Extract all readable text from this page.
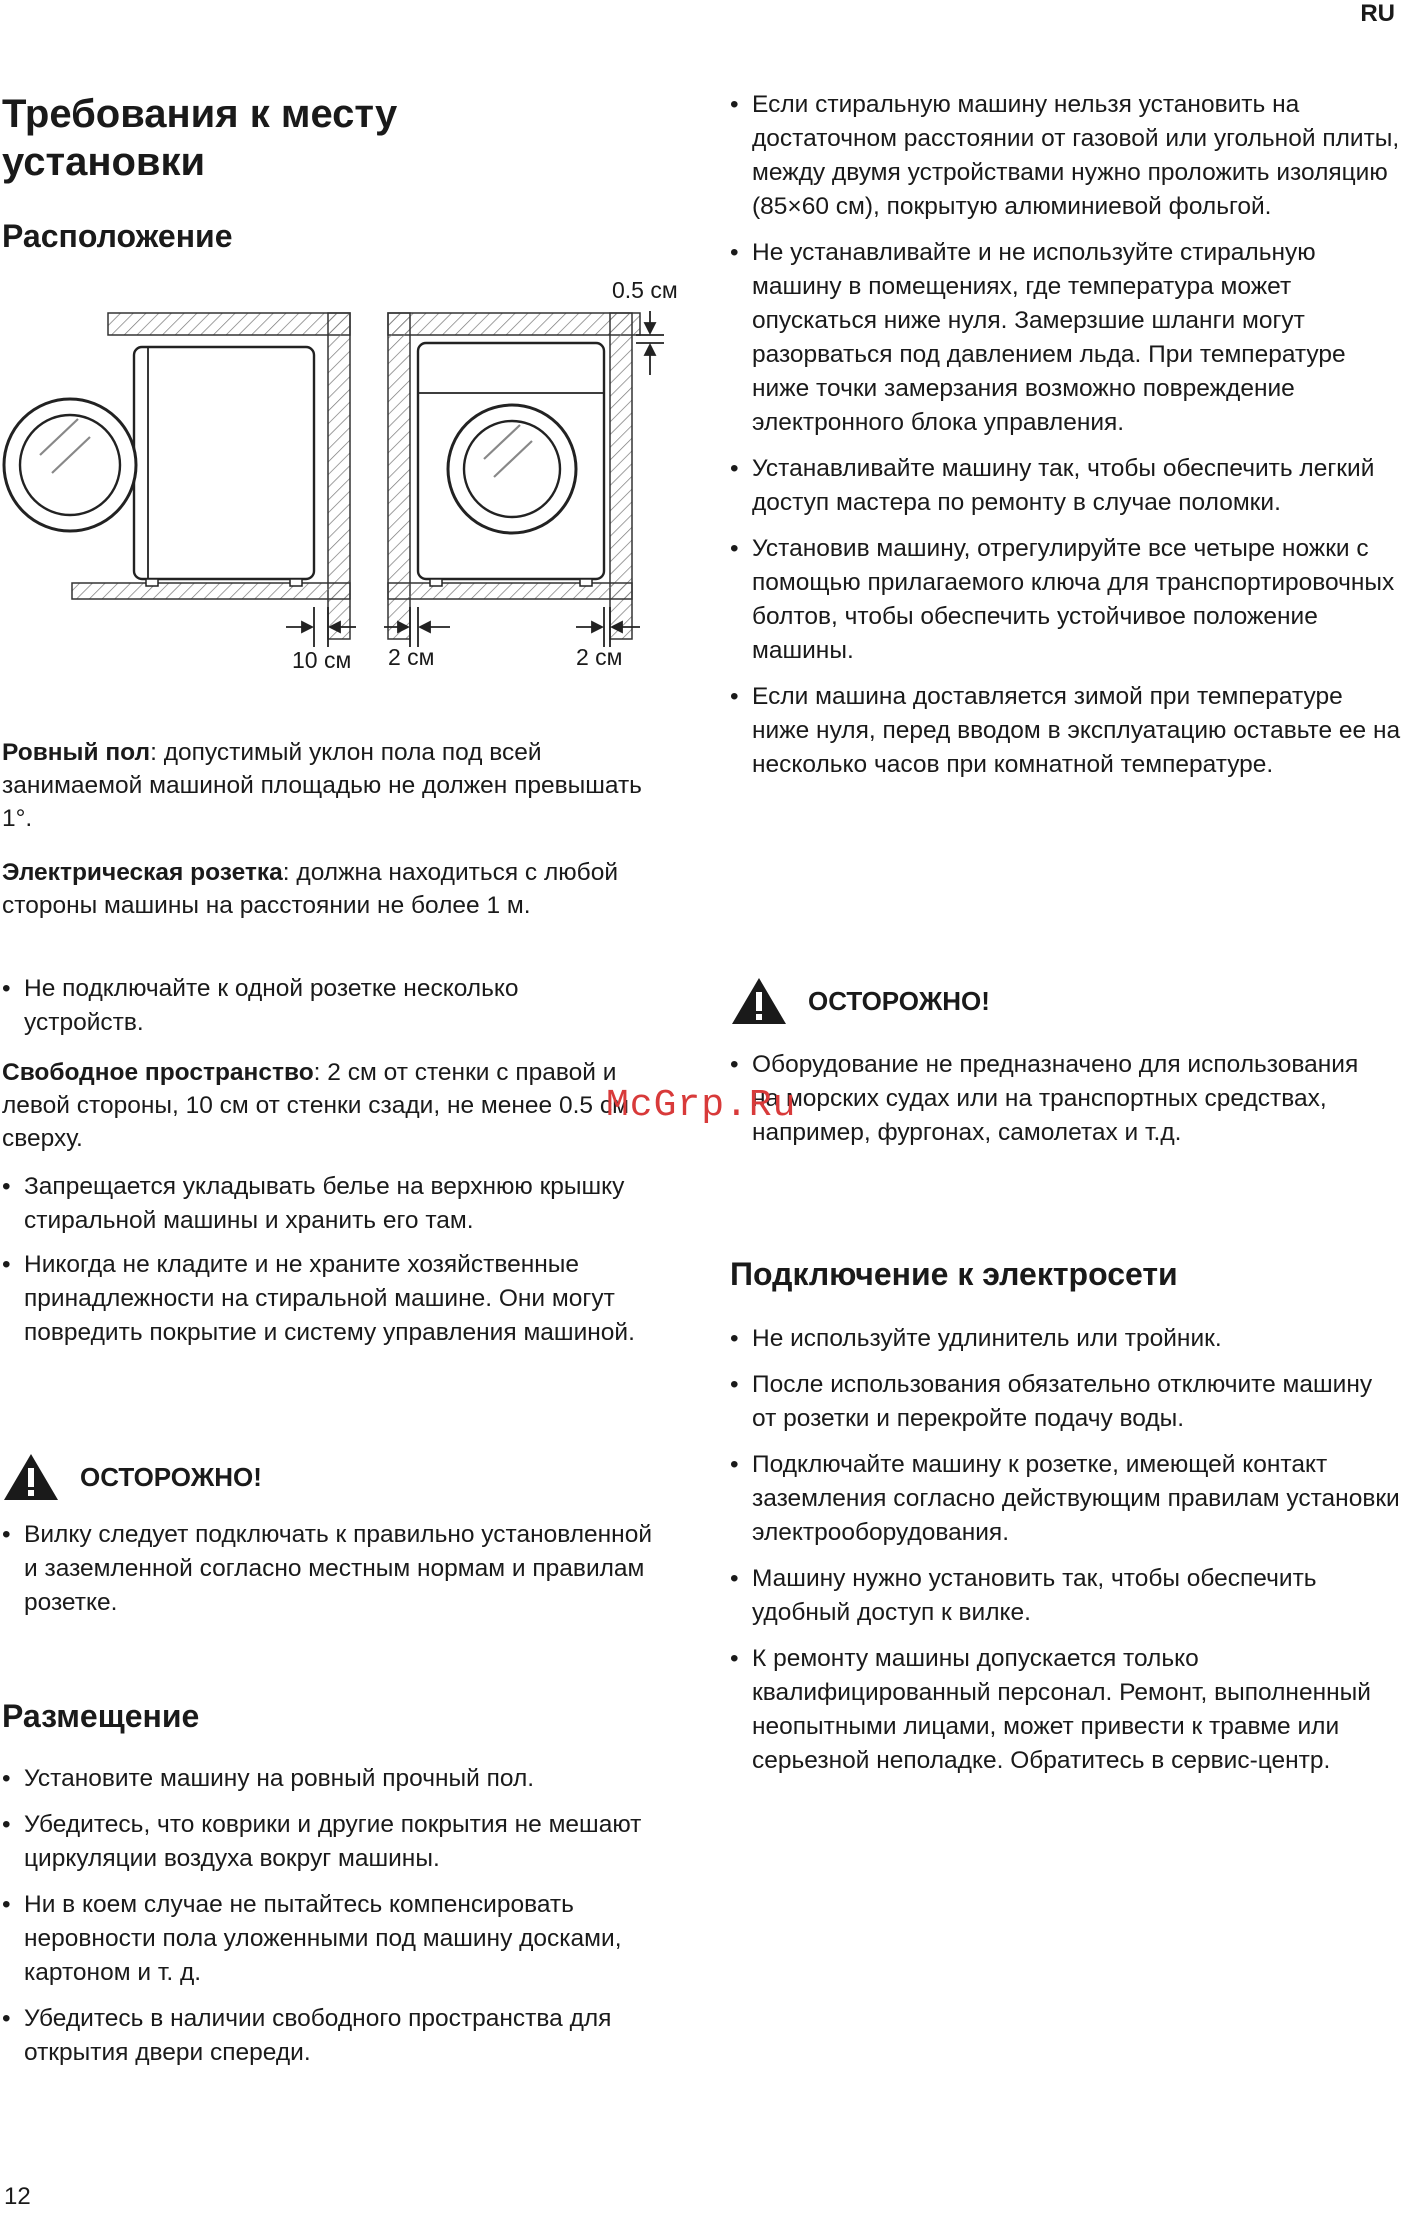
RU
12
Требования к месту установки
Расположение
0.5 см
10 см 2 см	2 см

Ровный пол: допустимый уклон пола под всей занимаемой машиной площадью не должен превышать 1°.

Электрическая розетка: должна находиться с любой стороны машины на расстоянии не более 1 м.

• Не подключайте к одной розетке несколько устройств.

Свободное пространство: 2 см от стенки с правой и левой стороны, 10 см от стенки сзади, не менее 0.5 см сверху.

• Запрещается укладывать белье на верхнюю крышку стиральной машины и хранить его там.
• Никогда не кладите и не храните хозяйственные принадлежности на стиральной машине. Они могут повредить покрытие и систему управления машиной.
ОСТОРОЖНО!
• Вилку следует подключать к правильно установленной и заземленной согласно местным нормам и правилам розетке.
Размещение
• Установите машину на ровный прочный пол.
• Убедитесь, что коврики и другие покрытия не мешают циркуляции воздуха вокруг машины.
• Ни в коем случае не пытайтесь компенсировать неровности пола уложенными под машину досками, картоном и т. д.
• Убедитесь в наличии свободного пространства для открытия двери спереди.
• Если стиральную машину нельзя установить на достаточном расстоянии от газовой или угольной плиты, между двумя устройствами нужно проложить изоляцию (85×60 см), покрытую алюминиевой фольгой.
• Не устанавливайте и не используйте стиральную машину в помещениях, где температура может опускаться ниже нуля. Замерзшие шланги могут разорваться под давлением льда. При температуре ниже точки замерзания возможно повреждение электронного блока управления.
• Устанавливайте машину так, чтобы обеспечить легкий доступ мастера по ремонту в случае поломки.
• Установив машину, отрегулируйте все четыре ножки с помощью прилагаемого ключа для транспортировочных болтов, чтобы обеспечить устойчивое положение машины.
• Если машина доставляется зимой при температуре ниже нуля, перед вводом в эксплуатацию оставьте ее на несколько часов при комнатной температуре.
ОСТОРОЖНО!
• Оборудование не предназначено для использования на морских судах или на транспортных средствах, например, фургонах, самолетах и т.д.
Подключение к электросети
• Не используйте удлинитель или тройник.
• После использования обязательно отключите машину от розетки и перекройте подачу воды.
• Подключайте машину к розетке, имеющей контакт заземления согласно действующим правилам установки электрооборудования.
• Машину нужно установить так, чтобы обеспечить удобный доступ к вилке.
• К ремонту машины допускается только квалифицированный персонал. Ремонт, выполненный неопытными лицами, может привести к травме или серьезной неполадке. Обратитесь в сервис-центр.
McGrp.Ru
